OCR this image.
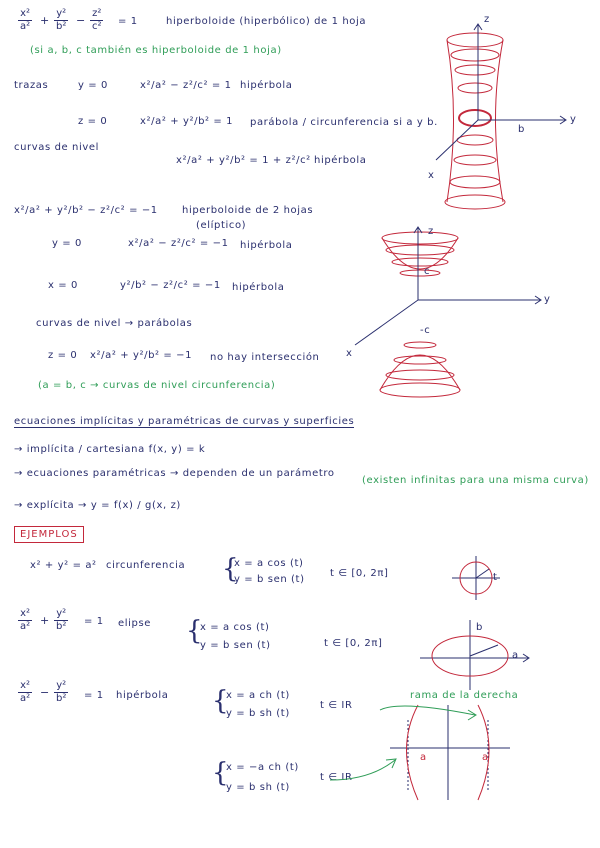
$\frac{\text{x²}}{\text{a²}} + \frac{\text{y²}}{\text{b²}} - \frac{\text{z²}}{\text{c²}} = 1$	hiperboloide (hiperbólico) de 1 hoja
(si a, b, c también es hiperboloide de 1 hoja)
trazas	y = 0	x²/a² − z²/c² = 1 hipérbola
z = 0	x²/a² + y²/b² = 1 parábola / circunferencia si a y b.
curvas de nivel
x²/a² + y²/b² = 1 + z²/c² hipérbola
z
y
x
b
x²/a² + y²/b² − z²/c² = −1 hiperboloide de 2 hojas
(elíptico)
y = 0	x²/a² − z²/c² = −1 hipérbola
x = 0	y²/b² − z²/c² = −1 hipérbola
curvas de nivel → parábolas
z = 0 x²/a² + y²/b² = −1 no hay intersección
(a = b, c → curvas de nivel circunferencia)
z
y
x
c
-c
ecuaciones implícitas y paramétricas de curvas y superficies
→ implícita / cartesiana f(x, y) = k
→ ecuaciones paramétricas → dependen de un parámetro
(existen infinitas para una misma curva)
→ explícita → y = f(x) / g(x, z)
EJEMPLOS
x² + y² = a² circunferencia {
x = a cos (t)
y = b sen (t)
t ∈ [0, 2π]
$\frac{\text{x²}}{\text{a²}} + \frac{\text{y²}}{\text{b²}} = 1$ elipse {
x = a cos (t)
y = b sen (t)	t ∈ [0, 2π]
$\frac{\text{x²}}{\text{a²}} - \frac{\text{y²}}{\text{b²}} = 1$ hipérbola {
x = a ch (t)
y = b sh (t)
t ∈ IR
rama de la derecha
{
x = −a ch (t)
y = b sh (t)
t ∈ IR
t
b
a
a	a
